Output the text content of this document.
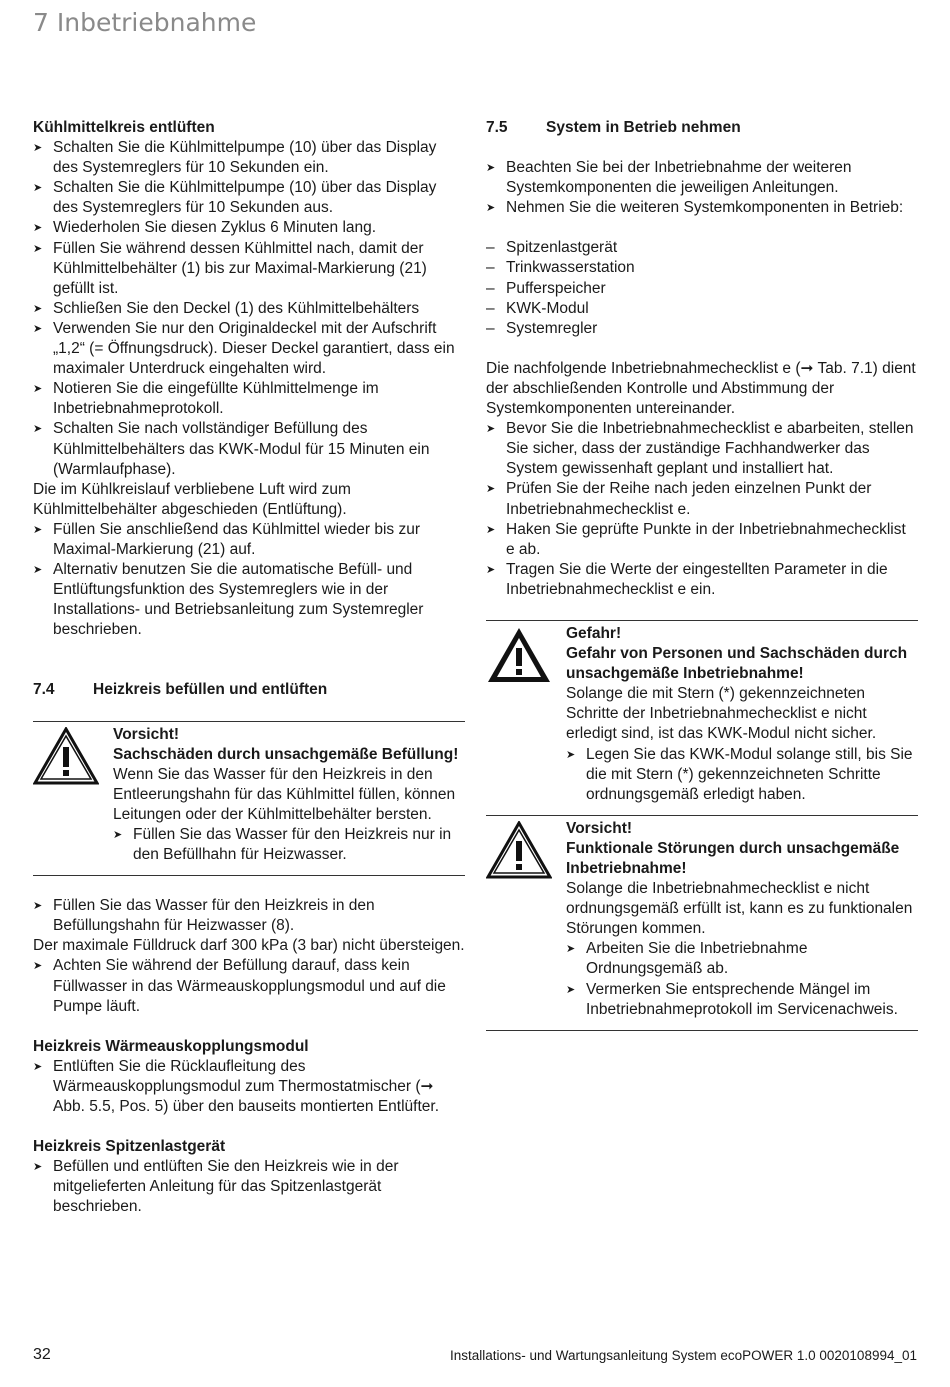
7 Inbetriebnahme

Kühlmittelkreis entlüften

➤ Schalten Sie die Kühlmittelpumpe (10) über das Display des Systemreglers für 10 Sekunden ein.
➤ Schalten Sie die Kühlmittelpumpe (10) über das Display des Systemreglers für 10 Sekunden aus.
➤ Wiederholen Sie diesen Zyklus 6 Minuten lang.
➤ Füllen Sie während dessen Kühlmittel nach, damit der Kühlmittelbehälter (1) bis zur Maximal-Markierung (21) gefüllt ist.
➤ Schließen Sie den Deckel (1) des Kühlmittelbehälters
➤ Verwenden Sie nur den Originaldeckel mit der Aufschrift „1,2“ (= Öffnungsdruck). Dieser Deckel garantiert, dass ein maximaler Unterdruck eingehalten wird.
➤ Notieren Sie die eingefüllte Kühlmittelmenge im Inbetriebnahmeprotokoll.
➤ Schalten Sie nach vollständiger Befüllung des Kühlmittelbehälters das KWK-Modul für 15 Minuten ein (Warmlaufphase).

Die im Kühlkreislauf verbliebene Luft wird zum Kühlmittelbehälter abgeschieden (Entlüftung).

➤ Füllen Sie anschließend das Kühlmittel wieder bis zur Maximal-Markierung (21) auf.
➤ Alternativ benutzen Sie die automatische Befüll- und Entlüftungsfunktion des Systemreglers wie in der Installations- und Betriebsanleitung zum Systemregler beschrieben.
7.4	Heizkreis befüllen und entlüften

Vorsicht!

Sachschäden durch unsachgemäße Befüllung!

Wenn Sie das Wasser für den Heizkreis in den Entleerungshahn für das Kühlmittel füllen, können Leitungen oder der Kühlmittelbehälter bersten.

➤ Füllen Sie das Wasser für den Heizkreis nur in den Befüllhahn für Heizwasser.
➤ Füllen Sie das Wasser für den Heizkreis in den Befüllungshahn für Heizwasser (8).

Der maximale Fülldruck darf 300 kPa (3 bar) nicht übersteigen.

➤ Achten Sie während der Befüllung darauf, dass kein Füllwasser in das Wärmeauskopplungsmodul und auf die Pumpe läuft.

Heizkreis Wärmeauskopplungsmodul

➤ Entlüften Sie die Rücklaufleitung des Wärmeauskopplungsmodul zum Thermostatmischer (➞ Abb. 5.5, Pos. 5) über den bauseits montierten Entlüfter.

Heizkreis Spitzenlastgerät

➤ Befüllen und entlüften Sie den Heizkreis wie in der mitgelieferten Anleitung für das Spitzenlastgerät beschrieben.
7.5	System in Betrieb nehmen
➤ Beachten Sie bei der Inbetriebnahme der weiteren Systemkomponenten die jeweiligen Anleitungen.
➤ Nehmen Sie die weiteren Systemkomponenten in Betrieb:
– Spitzenlastgerät
– Trinkwasserstation
– Pufferspeicher
– KWK-Modul
– Systemregler

Die nachfolgende Inbetriebnahmechecklist e (➞ Tab. 7.1) dient der abschließenden Kontrolle und Abstimmung der Systemkomponenten untereinander.

➤ Bevor Sie die Inbetriebnahmechecklist e abarbeiten, stellen Sie sicher, dass der zuständige Fachhandwerker das System gewissenhaft geplant und installiert hat.
➤ Prüfen Sie der Reihe nach jeden einzelnen Punkt der Inbetriebnahmechecklist e.
➤ Haken Sie geprüfte Punkte in der Inbetriebnahmechecklist e ab.
➤ Tragen Sie die Werte der eingestellten Parameter in die Inbetriebnahmechecklist e ein.

Gefahr!

Gefahr von Personen und Sachschäden durch unsachgemäße Inbetriebnahme!

Solange die mit Stern (*) gekennzeichneten Schritte der Inbetriebnahmechecklist e nicht erledigt sind, ist das KWK-Modul nicht sicher.

➤ Legen Sie das KWK-Modul solange still, bis Sie die mit Stern (*) gekennzeichneten Schritte ordnungsgemäß erledigt haben.

Vorsicht!

Funktionale Störungen durch unsachgemäße Inbetriebnahme!

Solange die Inbetriebnahmechecklist e nicht ordnungsgemäß erfüllt ist, kann es zu funktionalen Störungen kommen.

➤ Arbeiten Sie die Inbetriebnahme Ordnungsgemäß ab.
➤ Vermerken Sie entsprechende Mängel im Inbetriebnahmeprotokoll im Servicenachweis.
32	Installations- und Wartungsanleitung System ecoPOWER 1.0 0020108994_01
